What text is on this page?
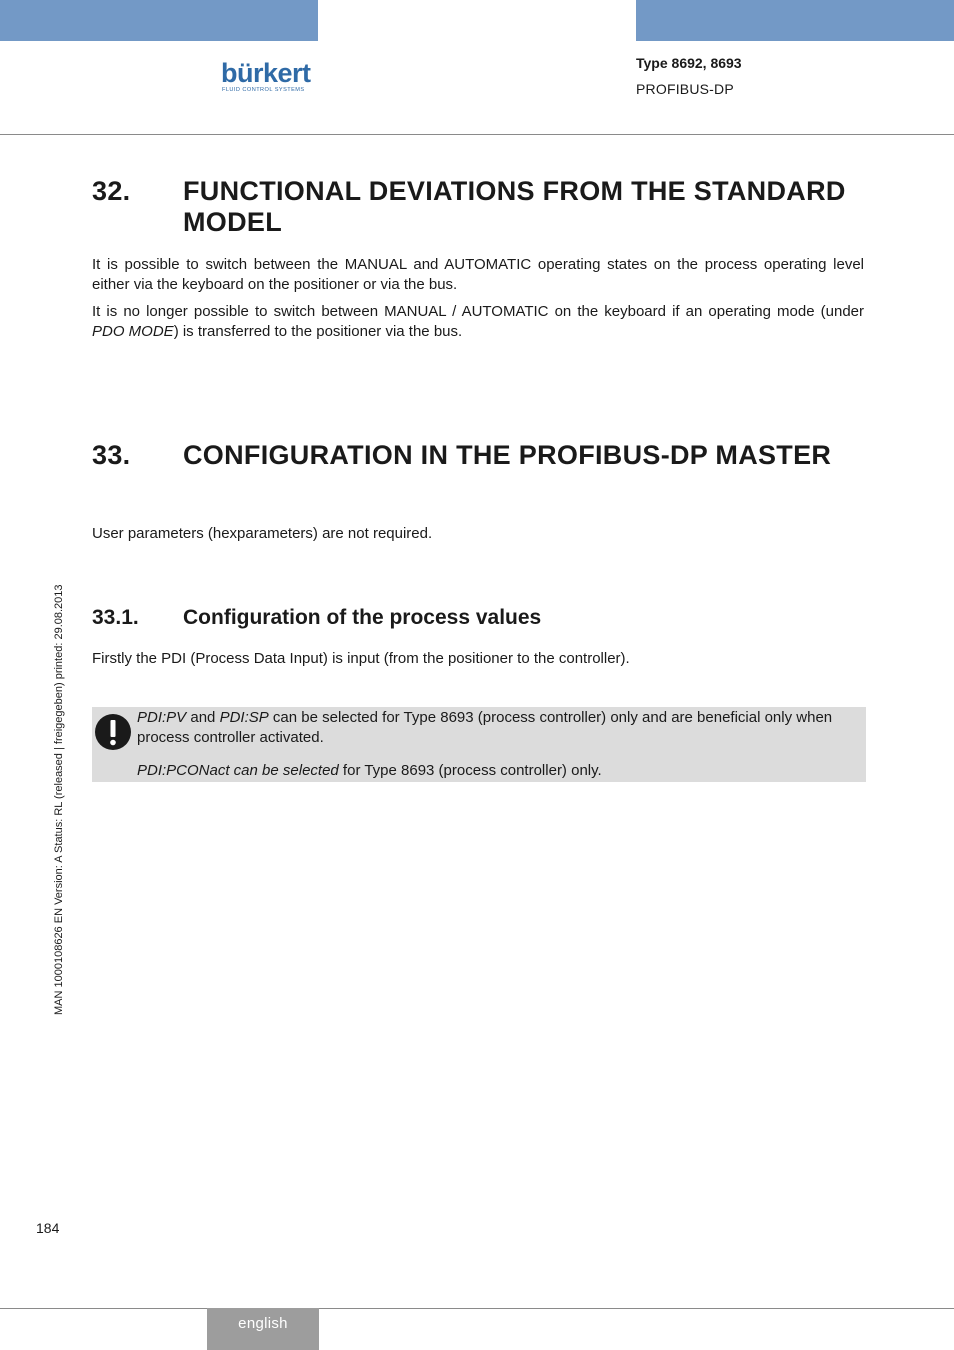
bürkert
FLUID CONTROL SYSTEMS
Type 8692, 8693
PROFIBUS-DP
32. FUNCTIONAL DEVIATIONS FROM THE STANDARD MODEL
It is possible to switch between the MANUAL and AUTOMATIC operating states on the process operating level either via the keyboard on the positioner or via the bus.
It is no longer possible to switch between MANUAL / AUTOMATIC on the keyboard if an operating mode (under PDO MODE) is transferred to the positioner via the bus.
33. CONFIGURATION IN THE PROFIBUS-DP MASTER
User parameters (hexparameters) are not required.
33.1. Configuration of the process values
Firstly the PDI (Process Data Input) is input (from the positioner to the controller).
PDI:PV and PDI:SP can be selected for Type 8693 (process controller) only and are beneficial only when process controller activated.
PDI:PCONact can be selected for Type 8693 (process controller) only.
MAN 1000108626 EN Version: A Status: RL (released | freigegeben) printed: 29.08.2013
184
english
